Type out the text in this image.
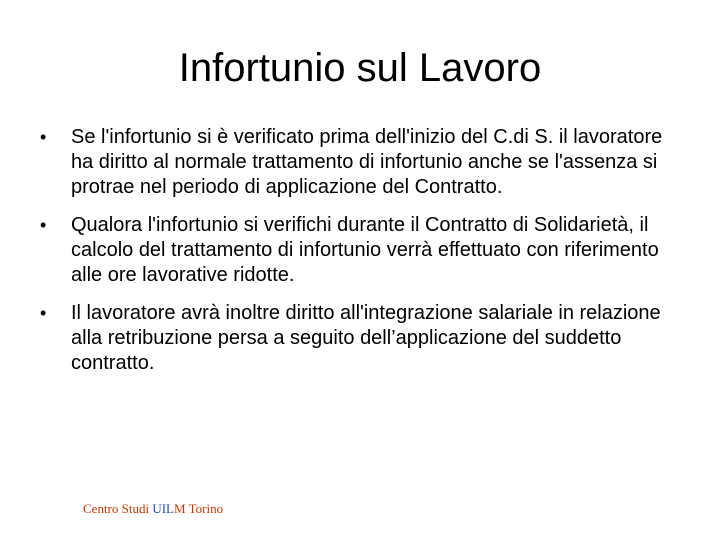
Infortunio sul Lavoro
• Se l'infortunio si è verificato prima dell'inizio del C.di S. il lavoratore ha diritto al normale trattamento di infortunio anche se l'assenza si protrae nel periodo di applicazione del Contratto.
• Qualora l'infortunio si verifichi durante il Contratto di Solidarietà, il calcolo del trattamento di infortunio verrà effettuato con riferimento alle ore lavorative ridotte.
• Il lavoratore avrà inoltre diritto all'integrazione salariale in relazione alla retribuzione persa a seguito dell’applicazione del suddetto contratto.
Centro Studi UILM Torino
